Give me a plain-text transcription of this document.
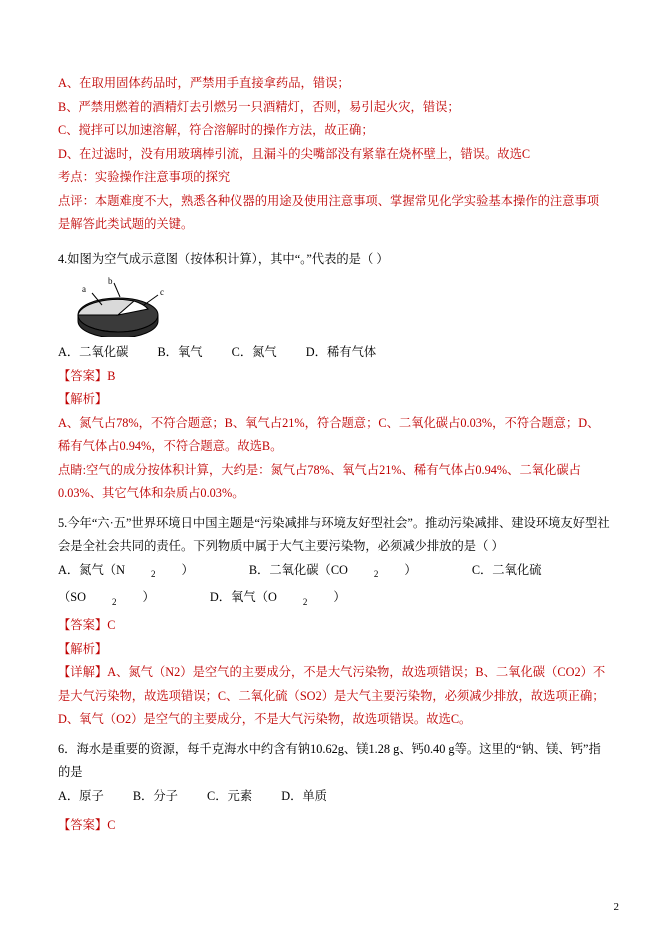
A、在取用固体药品时，严禁用手直接拿药品，错误；
B、严禁用燃着的酒精灯去引燃另一只酒精灯，否则，易引起火灾，错误；
C、搅拌可以加速溶解，符合溶解时的操作方法，故正确；
D、在过滤时，没有用玻璃棒引流，且漏斗的尖嘴部没有紧靠在烧杯壁上，错误。故选C
考点：实验操作注意事项的探究
点评：本题难度不大，熟悉各种仪器的用途及使用注意事项、掌握常见化学实验基本操作的注意事项是解答此类试题的关键。
4.如图为空气成示意图（按体积计算），其中“。”代表的是（ ）
a
b
c
A．二氧化碳 B．氧气 C．氮气 D．稀有气体
【答案】B
【解析】
A、氮气占78%，不符合题意；B、氧气占21%，符合题意；C、二氧化碳占0.03%，不符合题意；D、稀有气体占0.94%，不符合题意。故选B。
点睛:空气的成分按体积计算，大约是：氮气占78%、氧气占21%、稀有气体占0.94%、二氧化碳占0.03%、其它气体和杂质占0.03%。
5.今年“六·五”世界环境日中国主题是“污染减排与环境友好型社会”。推动污染减排、建设环境友好型社会是全社会共同的责任。下列物质中属于大气主要污染物，必须减少排放的是（ ）
A．氮气（N	$_2$ ）	B．二氧化碳（CO	$_2$ ）	C．二氧化硫（SO	$_2$ ）	D．氧气（O	$_2$ ）
【答案】C
【解析】
【详解】A、氮气（N2）是空气的主要成分，不是大气污染物，故选项错误；B、二氧化碳（CO2）不是大气污染物，故选项错误；C、二氧化硫（SO2）是大气主要污染物，必须减少排放，故选项正确；D、氧气（O2）是空气的主要成分，不是大气污染物，故选项错误。故选C。
6．海水是重要的资源，每千克海水中约含有钠10.62g、镁1.28 g、钙0.40 g等。这里的“钠、镁、钙”指的是
A．原子 B．分子 C．元素 D．单质
【答案】C
2
